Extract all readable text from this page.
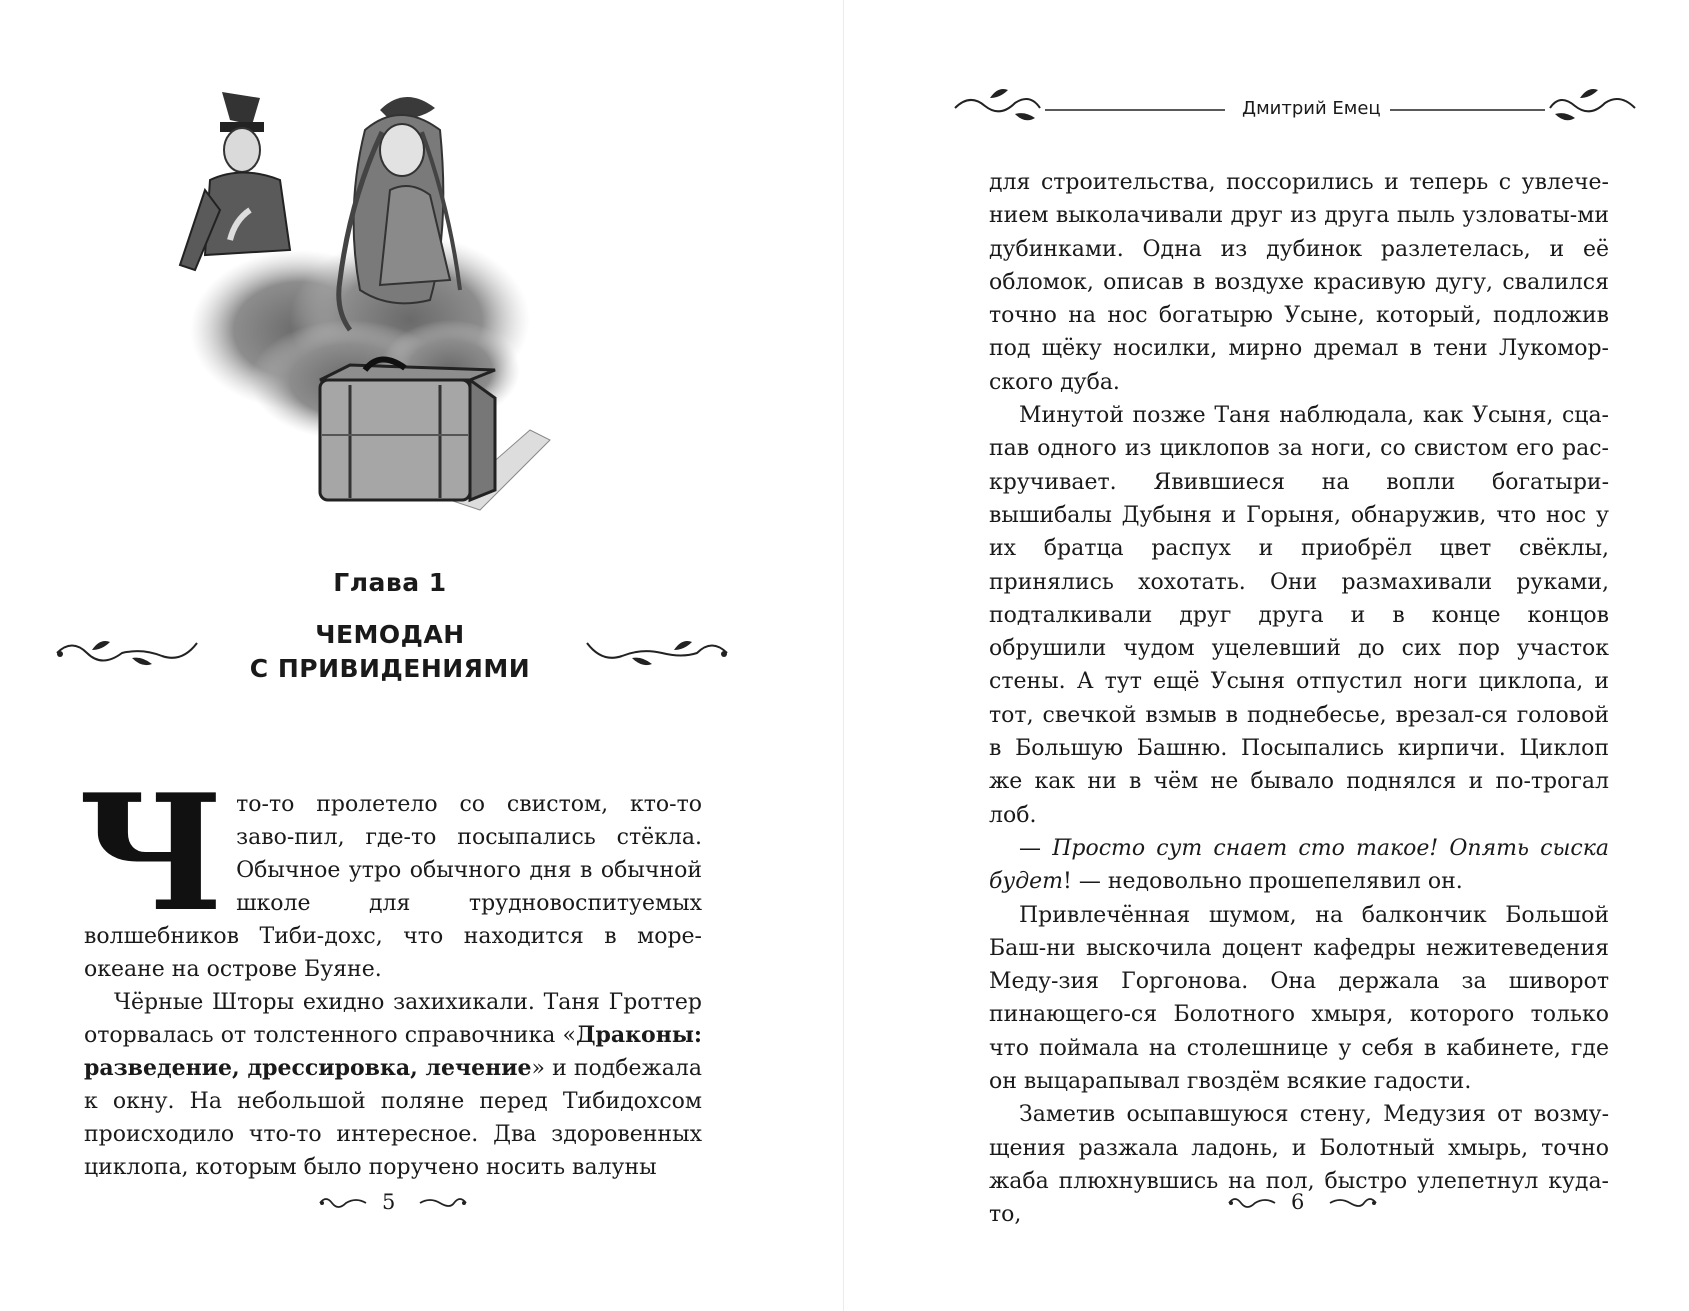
Глава 1
ЧЕМОДАН
С ПРИВИДЕНИЯМИ

Что-то пролетело со свистом, кто-то заво-пил, где-то посыпались стёкла. Обычное утро обычного дня в обычной школе для трудновоспитуемых волшебников Тиби-дохс, что находится в море-океане на острове Буяне.

Чёрные Шторы ехидно захихикали. Таня Гроттер оторвалась от толстенного справочника «Драконы: разведение, дрессировка, лечение» и подбежала к окну. На небольшой поляне перед Тибидохсом происходило что-то интересное. Два здоровенных циклопа, которым было поручено носить валуны

5
Дмитрий Емец

для строительства, поссорились и теперь с увлече-нием выколачивали друг из друга пыль узловаты-ми дубинками. Одна из дубинок разлетелась, и её обломок, описав в воздухе красивую дугу, свалился точно на нос богатырю Усыне, который, подложив под щёку носилки, мирно дремал в тени Лукомор-ского дуба.

Минутой позже Таня наблюдала, как Усыня, сца-пав одного из циклопов за ноги, со свистом его рас-кручивает. Явившиеся на вопли богатыри-вышибалы Дубыня и Горыня, обнаружив, что нос у их братца распух и приобрёл цвет свёклы, принялись хохотать. Они размахивали руками, подталкивали друг друга и в конце концов обрушили чудом уцелевший до сих пор участок стены. А тут ещё Усыня отпустил ноги циклопа, и тот, свечкой взмыв в поднебесье, врезал-ся головой в Большую Башню. Посыпались кирпичи. Циклоп же как ни в чём не бывало поднялся и по-трогал лоб.

— Просто сут снает сто такое! Опять сыска будет! — недовольно прошепелявил он.

Привлечённая шумом, на балкончик Большой Баш-ни выскочила доцент кафедры нежитеведения Меду-зия Горгонова. Она держала за шиворот пинающего-ся Болотного хмыря, которого только что поймала на столешнице у себя в кабинете, где он выцарапывал гвоздём всякие гадости.

Заметив осыпавшуюся стену, Медузия от возму-щения разжала ладонь, и Болотный хмырь, точно жаба плюхнувшись на пол, быстро улепетнул куда-то,

6
